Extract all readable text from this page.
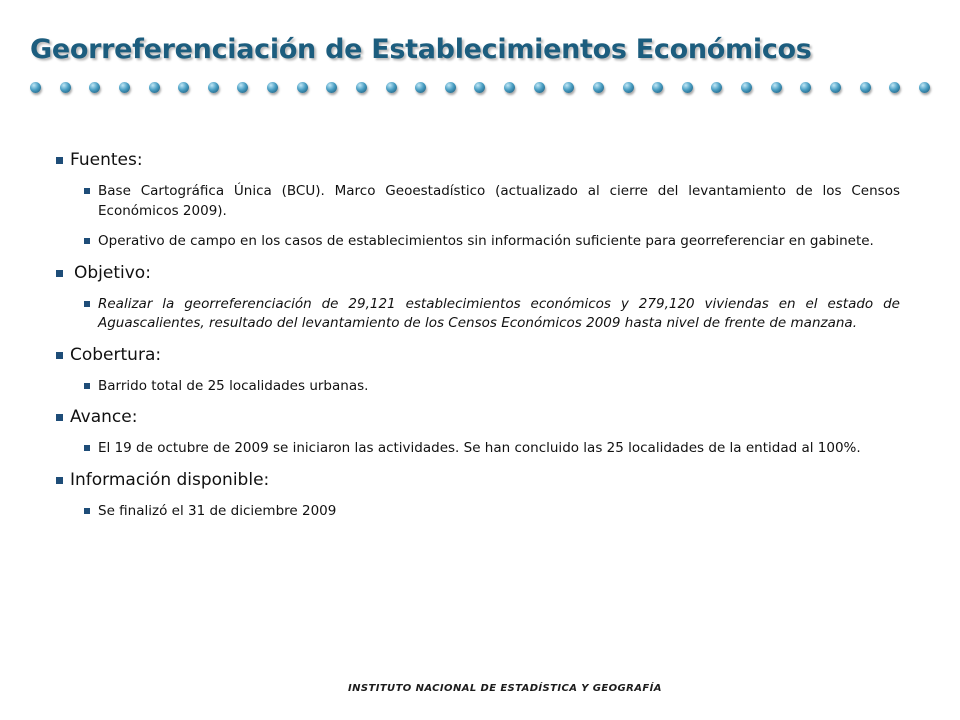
Georreferenciación de Establecimientos Económicos
Fuentes:
Base Cartográfica Única (BCU). Marco Geoestadístico (actualizado al cierre del levantamiento de los Censos Económicos 2009).
Operativo de campo en los casos de establecimientos sin información suficiente para georreferenciar en gabinete.
Objetivo:
Realizar la georreferenciación de 29,121 establecimientos económicos y 279,120 viviendas en el estado de Aguascalientes, resultado del levantamiento de los Censos Económicos 2009 hasta nivel de frente de manzana.
Cobertura:
Barrido total de 25 localidades urbanas.
Avance:
El 19 de octubre de 2009 se iniciaron las actividades. Se han concluido las 25 localidades de la entidad al 100%.
Información disponible:
Se finalizó el 31 de diciembre 2009
INSTITUTO NACIONAL DE ESTADÍSTICA Y GEOGRAFÍA
